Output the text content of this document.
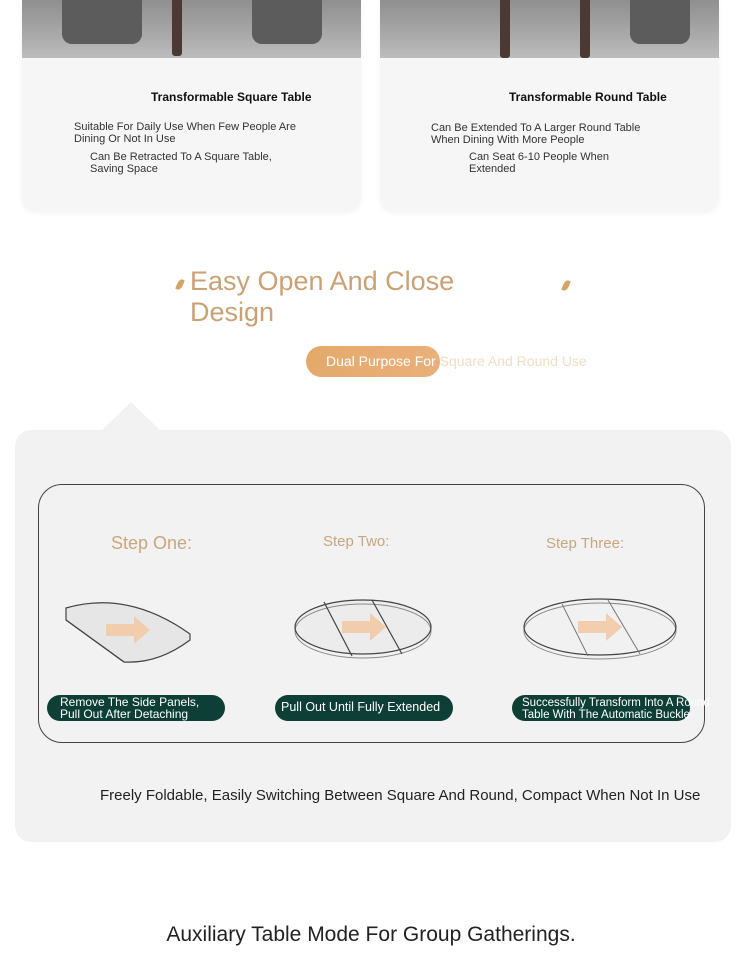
Transformable Square Table
Suitable For Daily Use When Few People Are Dining Or Not In Use
Can Be Retracted To A Square Table, Saving Space
Transformable Round Table
Can Be Extended To A Larger Round Table When Dining With More People
Can Seat 6-10 People When Extended
Easy Open And Close Design
Dual Purpose For Square And Round Use
Step One:	Step Two:	Step Three:
Remove The Side Panels,
Pull Out After Detaching	Pull Out Until Fully Extended	Successfully Transform Into A Round
Table With The Automatic Buckle
Freely Foldable, Easily Switching Between Square And Round, Compact When Not In Use
Auxiliary Table Mode For Group Gatherings.
